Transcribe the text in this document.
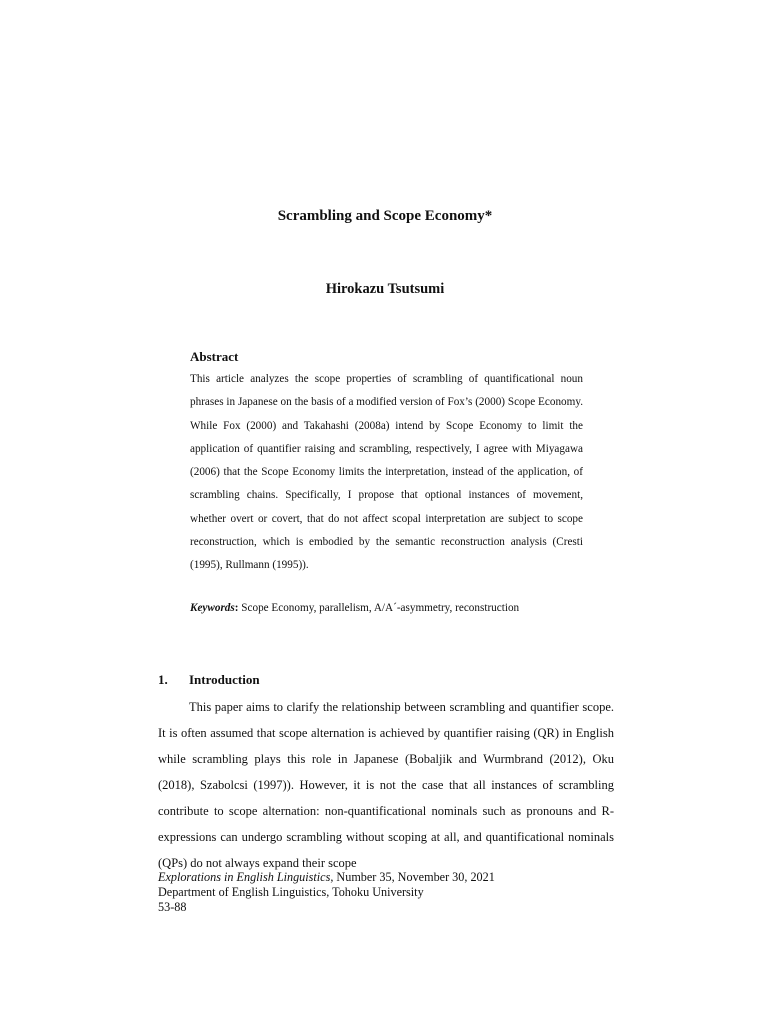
Scrambling and Scope Economy*
Hirokazu Tsutsumi
Abstract
This article analyzes the scope properties of scrambling of quantificational noun phrases in Japanese on the basis of a modified version of Fox’s (2000) Scope Economy. While Fox (2000) and Takahashi (2008a) intend by Scope Economy to limit the application of quantifier raising and scrambling, respectively, I agree with Miyagawa (2006) that the Scope Economy limits the interpretation, instead of the application, of scrambling chains. Specifically, I propose that optional instances of movement, whether overt or covert, that do not affect scopal interpretation are subject to scope reconstruction, which is embodied by the semantic reconstruction analysis (Cresti (1995), Rullmann (1995)).
Keywords: Scope Economy, parallelism, A/A´-asymmetry, reconstruction
1. Introduction

This paper aims to clarify the relationship between scrambling and quantifier scope. It is often assumed that scope alternation is achieved by quantifier raising (QR) in English while scrambling plays this role in Japanese (Bobaljik and Wurmbrand (2012), Oku (2018), Szabolcsi (1997)). However, it is not the case that all instances of scrambling contribute to scope alternation: non-quantificational nominals such as pronouns and R-expressions can undergo scrambling without scoping at all, and quantificational nominals (QPs) do not always expand their scope

Explorations in English Linguistics, Number 35, November 30, 2021
Department of English Linguistics, Tohoku University
53-88
